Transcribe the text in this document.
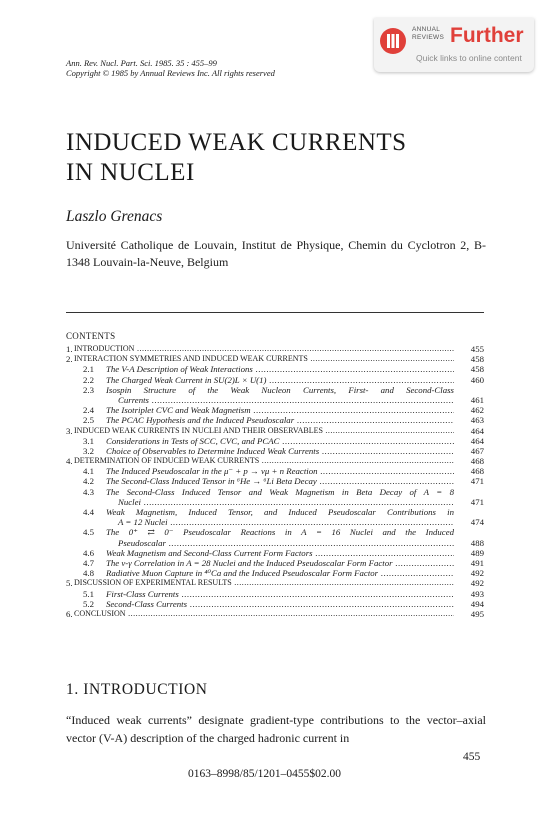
ANNUAL
REVIEWS Further
Quick links to online content
Ann. Rev. Nucl. Part. Sci. 1985. 35 : 455–99
Copyright © 1985 by Annual Reviews Inc. All rights reserved
INDUCED WEAK CURRENTS
IN NUCLEI
Laszlo Grenacs
Université Catholique de Louvain, Institut de Physique, Chemin du Cyclotron 2, B-1348 Louvain-la-Neuve, Belgium
CONTENTS
1. INTRODUCTION .....	455
2. INTERACTION SYMMETRIES AND INDUCED WEAK CURRENTS .....	458
2.1 The V-A Description of Weak Interactions .....	458
2.2 The Charged Weak Current in SU(2)L × U(1) .....	460
2.3 Isospin Structure of the Weak Nucleon Currents, First- and Second-Class
Currents .....	461
2.4 The Isotriplet CVC and Weak Magnetism .....	462
2.5 The PCAC Hypothesis and the Induced Pseudoscalar .....	463
3. INDUCED WEAK CURRENTS IN NUCLEI AND THEIR OBSERVABLES .....	464
3.1 Considerations in Tests of SCC, CVC, and PCAC .....	464
3.2 Choice of Observables to Determine Induced Weak Currents .....	467
4. DETERMINATION OF INDUCED WEAK CURRENTS .....	468
4.1 The Induced Pseudoscalar in the μ⁻ + p → νμ + n Reaction .....	468
4.2 The Second-Class Induced Tensor in ⁶He → ⁶Li Beta Decay .....	471
4.3 The Second-Class Induced Tensor and Weak Magnetism in Beta Decay of A = 8
Nuclei .....	471
4.4 Weak Magnetism, Induced Tensor, and Induced Pseudoscalar Contributions in
A = 12 Nuclei .....	474
4.5 The 0⁺ ⇄ 0⁻ Pseudoscalar Reactions in A = 16 Nuclei and the Induced
Pseudoscalar .....	488
4.6 Weak Magnetism and Second-Class Current Form Factors .....	489
4.7 The ν-γ Correlation in A = 28 Nuclei and the Induced Pseudoscalar Form Factor .....	491
4.8 Radiative Muon Capture in ⁴⁰Ca and the Induced Pseudoscalar Form Factor .....	492
5. DISCUSSION OF EXPERIMENTAL RESULTS .....	492
5.1 First-Class Currents .....	493
5.2 Second-Class Currents .....	494
6. CONCLUSION .....	495
1. INTRODUCTION
“Induced weak currents” designate gradient-type contributions to the vector–axial vector (V-A) description of the charged hadronic current in
455
0163–8998/85/1201–0455$02.00
